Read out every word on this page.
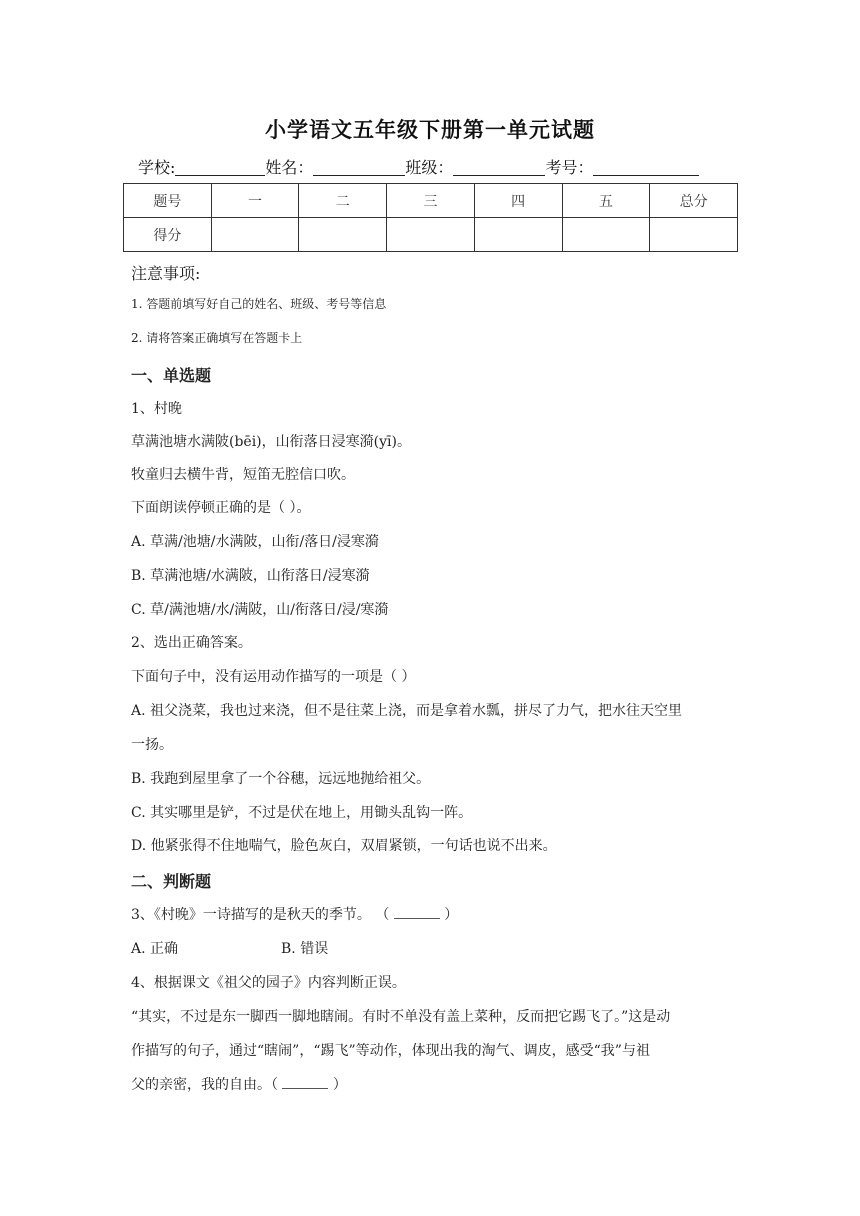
小学语文五年级下册第一单元试题
学校:	姓名：	班级：	考号：
题号	一	二	三	四	五	总分
得分						
注意事项:
1. 答题前填写好自己的姓名、班级、考号等信息
2. 请将答案正确填写在答题卡上
一、单选题
1、村晚
草满池塘水满陂(bēi)，山衔落日浸寒漪(yī)。
牧童归去横牛背，短笛无腔信口吹。
下面朗读停顿正确的是（ ）。
A. 草满/池塘/水满陂，山衔/落日/浸寒漪
B. 草满池塘/水满陂，山衔落日/浸寒漪
C. 草/满池塘/水/满陂，山/衔落日/浸/寒漪
2、选出正确答案。
下面句子中，没有运用动作描写的一项是（ ）
A. 祖父浇菜，我也过来浇，但不是往菜上浇，而是拿着水瓢，拼尽了力气，把水往天空里
一扬。
B. 我跑到屋里拿了一个谷穗，远远地抛给祖父。
C. 其实哪里是铲，不过是伏在地上，用锄头乱钩一阵。
D. 他紧张得不住地喘气，脸色灰白，双眉紧锁，一句话也说不出来。
二、判断题
3、《村晚》一诗描写的是秋天的季节。 （	）
A. 正确	B. 错误
4、根据课文《祖父的园子》内容判断正误。
“其实，不过是东一脚西一脚地瞎闹。有时不单没有盖上菜种，反而把它踢飞了。”这是动
作描写的句子，通过“瞎闹”，“踢飞”等动作，体现出我的淘气、调皮，感受“我”与祖
父的亲密，我的自由。（	）
